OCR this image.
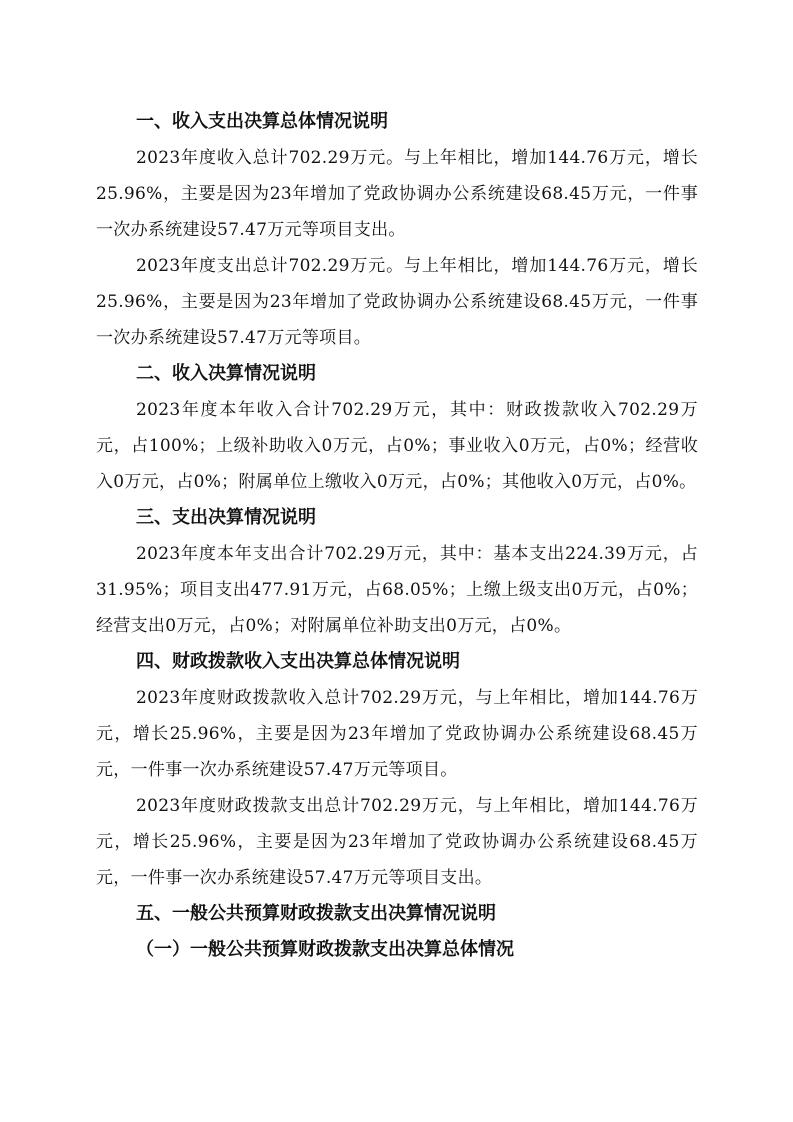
一、收入支出决算总体情况说明

2023年度收入总计702.29万元。与上年相比，增加144.76万元，增长25.96%，主要是因为23年增加了党政协调办公系统建设68.45万元，一件事一次办系统建设57.47万元等项目支出。

2023年度支出总计702.29万元。与上年相比，增加144.76万元，增长25.96%，主要是因为23年增加了党政协调办公系统建设68.45万元，一件事一次办系统建设57.47万元等项目。

二、收入决算情况说明

2023年度本年收入合计702.29万元，其中：财政拨款收入702.29万元，占100%；上级补助收入0万元，占0%；事业收入0万元，占0%；经营收入0万元，占0%；附属单位上缴收入0万元，占0%；其他收入0万元，占0%。

三、支出决算情况说明

2023年度本年支出合计702.29万元，其中：基本支出224.39万元，占31.95%；项目支出477.91万元，占68.05%；上缴上级支出0万元，占0%；经营支出0万元，占0%；对附属单位补助支出0万元，占0%。

四、财政拨款收入支出决算总体情况说明

2023年度财政拨款收入总计702.29万元，与上年相比，增加144.76万元，增长25.96%，主要是因为23年增加了党政协调办公系统建设68.45万元，一件事一次办系统建设57.47万元等项目。

2023年度财政拨款支出总计702.29万元，与上年相比，增加144.76万元，增长25.96%，主要是因为23年增加了党政协调办公系统建设68.45万元，一件事一次办系统建设57.47万元等项目支出。

五、一般公共预算财政拨款支出决算情况说明

（一）一般公共预算财政拨款支出决算总体情况
